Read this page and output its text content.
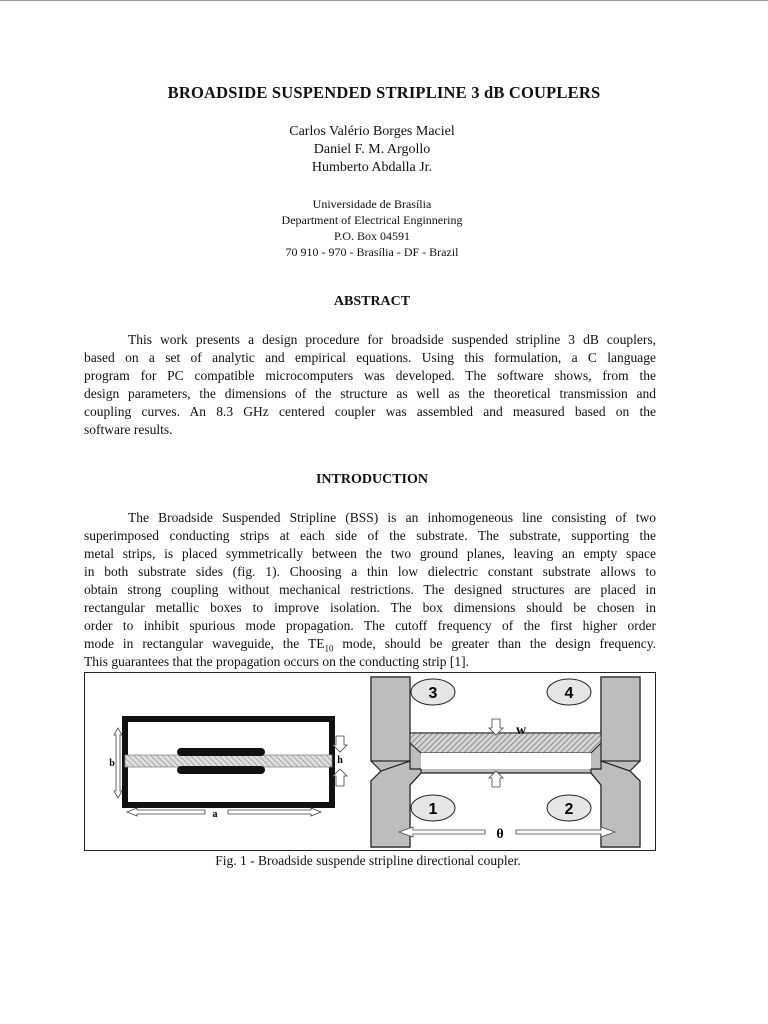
BROADSIDE SUSPENDED STRIPLINE 3 dB COUPLERS
Carlos Valério Borges Maciel
Daniel F. M. Argollo
Humberto Abdalla Jr.
Universidade de Brasília
Department of Electrical Enginnering
P.O. Box 04591
70 910 - 970 - Brasília - DF - Brazil
ABSTRACT
This work presents a design procedure for broadside suspended stripline 3 dB couplers,
based on a set of analytic and empirical equations. Using this formulation, a C language
program for PC compatible microcomputers was developed. The software shows, from the
design parameters, the dimensions of the structure as well as the theoretical transmission and
coupling curves. An 8.3 GHz centered coupler was assembled and measured based on the
software results.
INTRODUCTION
The Broadside Suspended Stripline (BSS) is an inhomogeneous line consisting of two
superimposed conducting strips at each side of the substrate. The substrate, supporting the
metal strips, is placed symmetrically between the two ground planes, leaving an empty space
in both substrate sides (fig. 1). Choosing a thin low dielectric constant substrate allows to
obtain strong coupling without mechanical restrictions. The designed structures are placed in
rectangular metallic boxes to improve isolation. The box dimensions should be chosen in
order to inhibit spurious mode propagation. The cutoff frequency of the first higher order
mode in rectangular waveguide, the $TE_{10}$ mode, should be greater than the design frequency.
This guarantees that the propagation occurs on the conducting strip [1].
b	h
a
3	4
1	2
w
θ
Fig. 1 - Broadside suspende stripline directional coupler.
